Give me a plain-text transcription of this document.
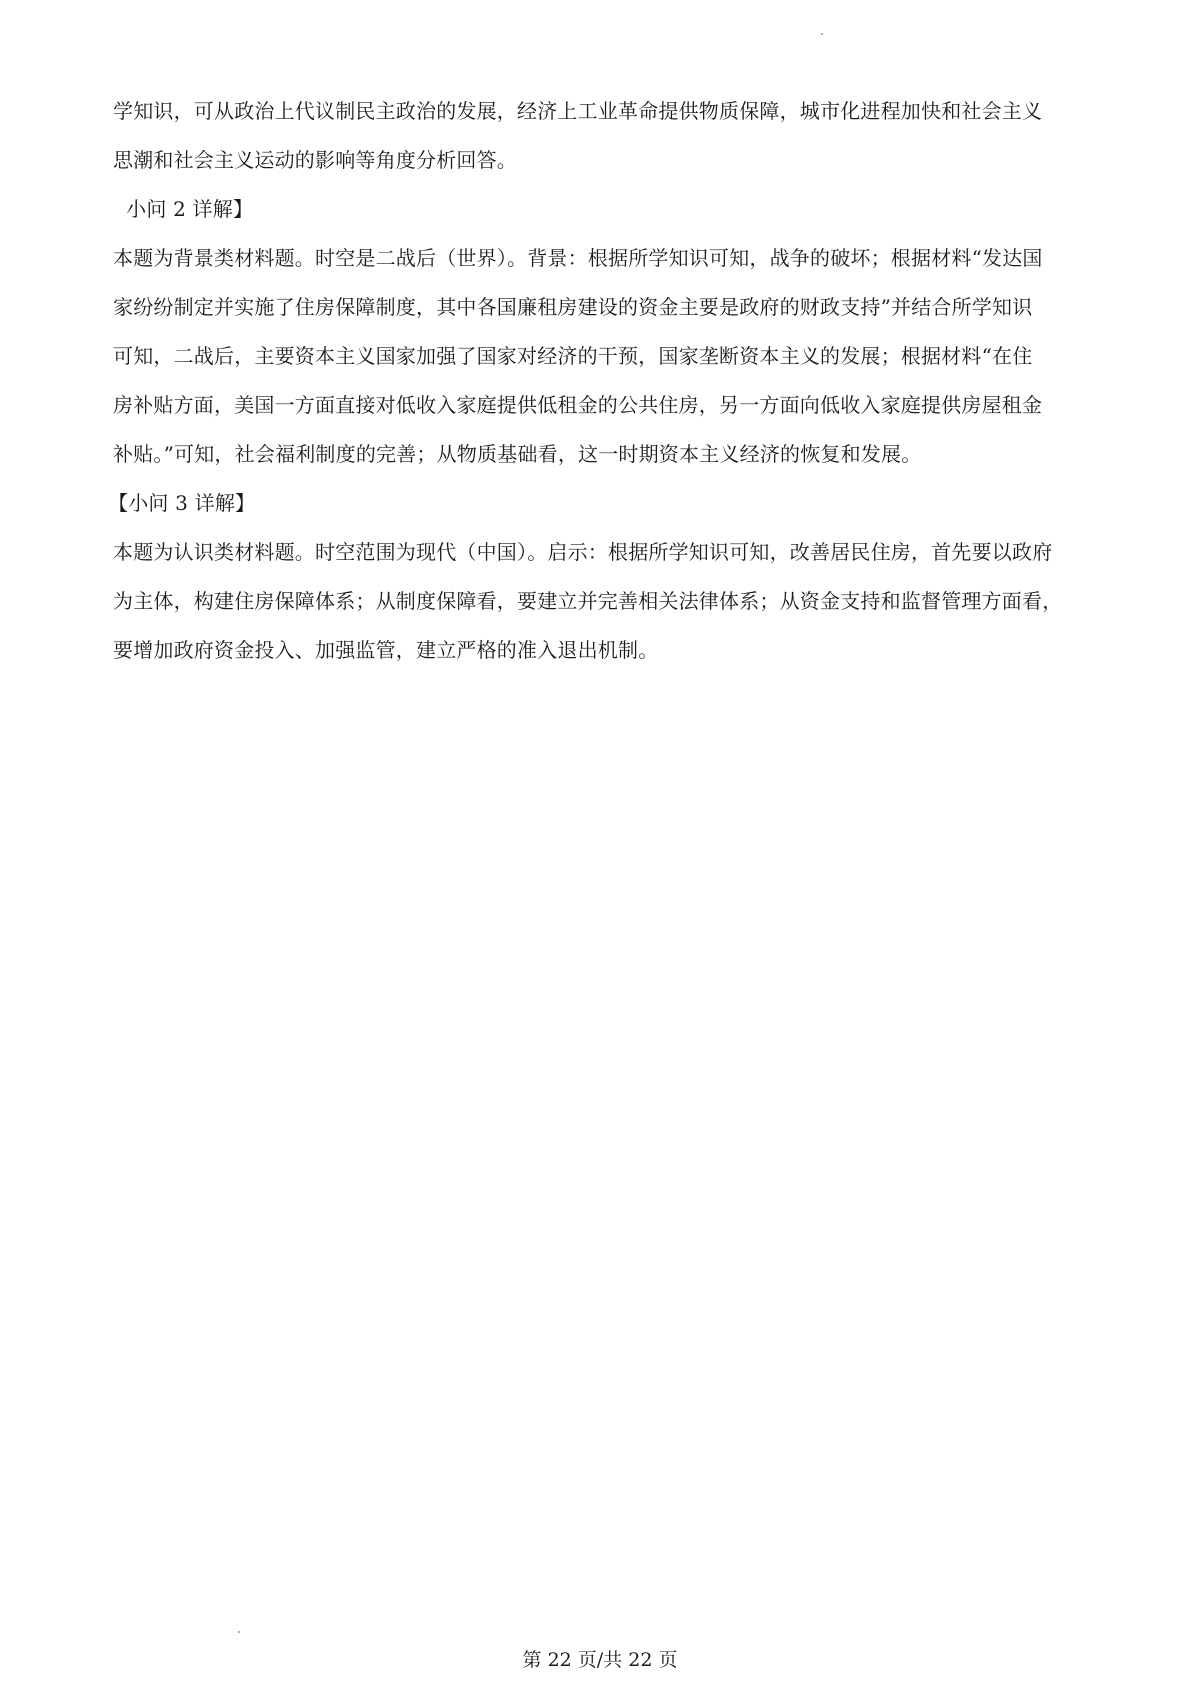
学知识，可从政治上代议制民主政治的发展，经济上工业革命提供物质保障，城市化进程加快和社会主义
思潮和社会主义运动的影响等角度分析回答。
小问 2 详解】
本题为背景类材料题。时空是二战后（世界）。背景：根据所学知识可知，战争的破坏；根据材料“发达国
家纷纷制定并实施了住房保障制度，其中各国廉租房建设的资金主要是政府的财政支持”并结合所学知识
可知，二战后，主要资本主义国家加强了国家对经济的干预，国家垄断资本主义的发展；根据材料“在住
房补贴方面，美国一方面直接对低收入家庭提供低租金的公共住房，另一方面向低收入家庭提供房屋租金
补贴。”可知，社会福利制度的完善；从物质基础看，这一时期资本主义经济的恢复和发展。
【小问 3 详解】
本题为认识类材料题。时空范围为现代（中国）。启示：根据所学知识可知，改善居民住房，首先要以政府
为主体，构建住房保障体系；从制度保障看，要建立并完善相关法律体系；从资金支持和监督管理方面看，
要增加政府资金投入、加强监管，建立严格的准入退出机制。
第 22 页/共 22 页
